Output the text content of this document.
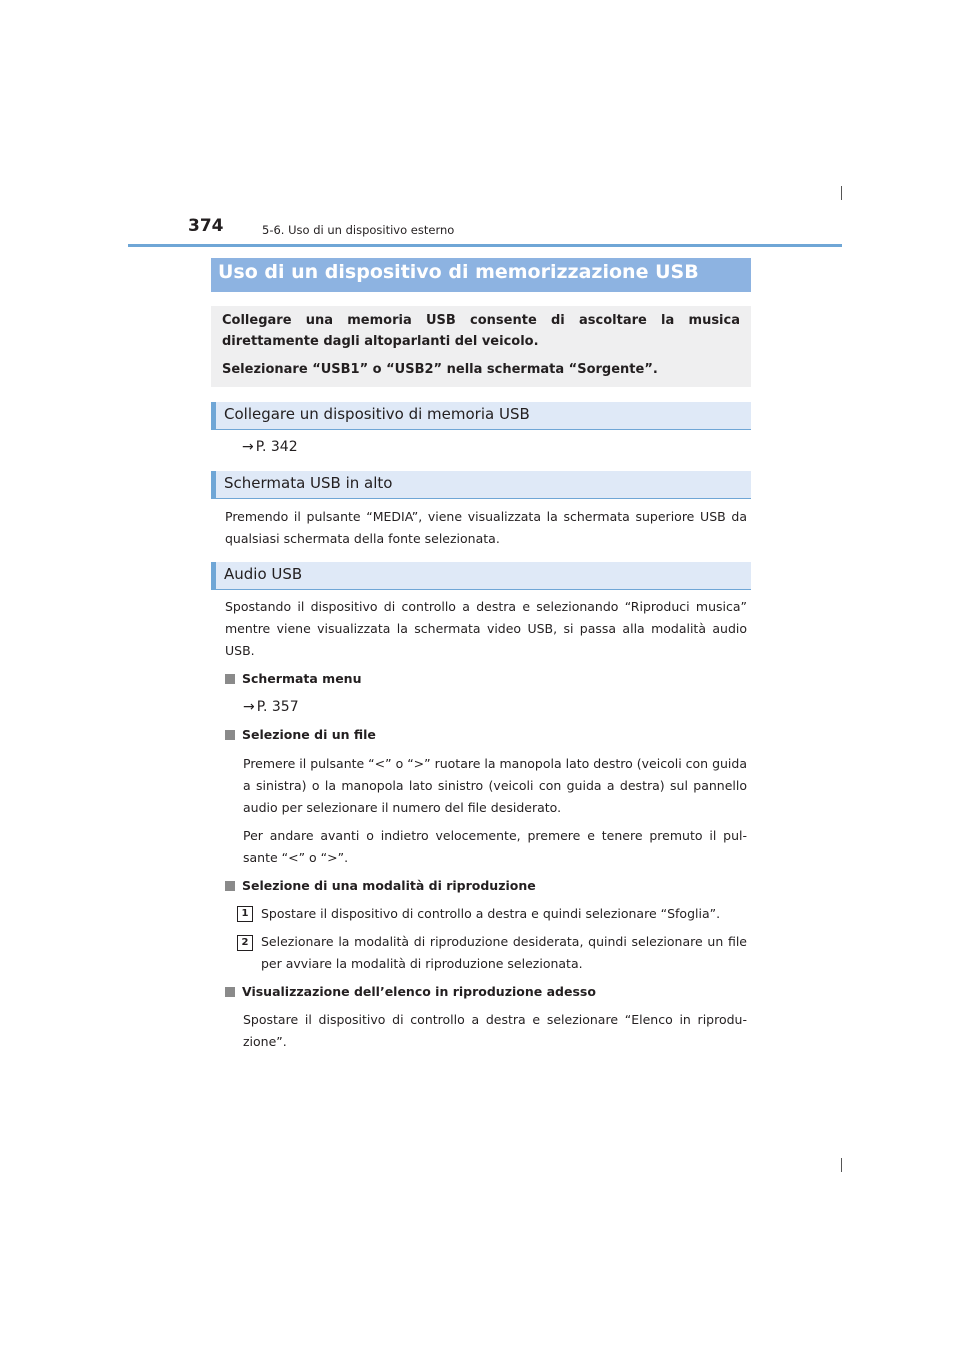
374	5-6. Uso di un dispositivo esterno
Uso di un dispositivo di memorizzazione USB

Collegare una memoria USB consente di ascoltare la musica direttamente dagli altoparlanti del veicolo.

Selezionare “USB1” o “USB2” nella schermata “Sorgente”.

Collegare un dispositivo di memoria USB
→ P. 342
Schermata USB in alto
Premendo il pulsante “MEDIA”, viene visualizzata la schermata superiore USB da qualsiasi schermata della fonte selezionata.
Audio USB
Spostando il dispositivo di controllo a destra e selezionando “Riproduci musica” mentre viene visualizzata la schermata video USB, si passa alla modalità audio USB.
Schermata menu
→ P. 357
Selezione di un file
Premere il pulsante “<” o “>” ruotare la manopola lato destro (veicoli con guida a sinistra) o la manopola lato sinistro (veicoli con guida a destra) sul pannello audio per selezionare il numero del file desiderato.
Per andare avanti o indietro velocemente, premere e tenere premuto il pul-sante “<” o “>”.
Selezione di una modalità di riproduzione
1	Spostare il dispositivo di controllo a destra e quindi selezionare “Sfoglia”.
2	Selezionare la modalità di riproduzione desiderata, quindi selezionare un file per avviare la modalità di riproduzione selezionata.
Visualizzazione dell’elenco in riproduzione adesso
Spostare il dispositivo di controllo a destra e selezionare “Elenco in riprodu-zione”.
